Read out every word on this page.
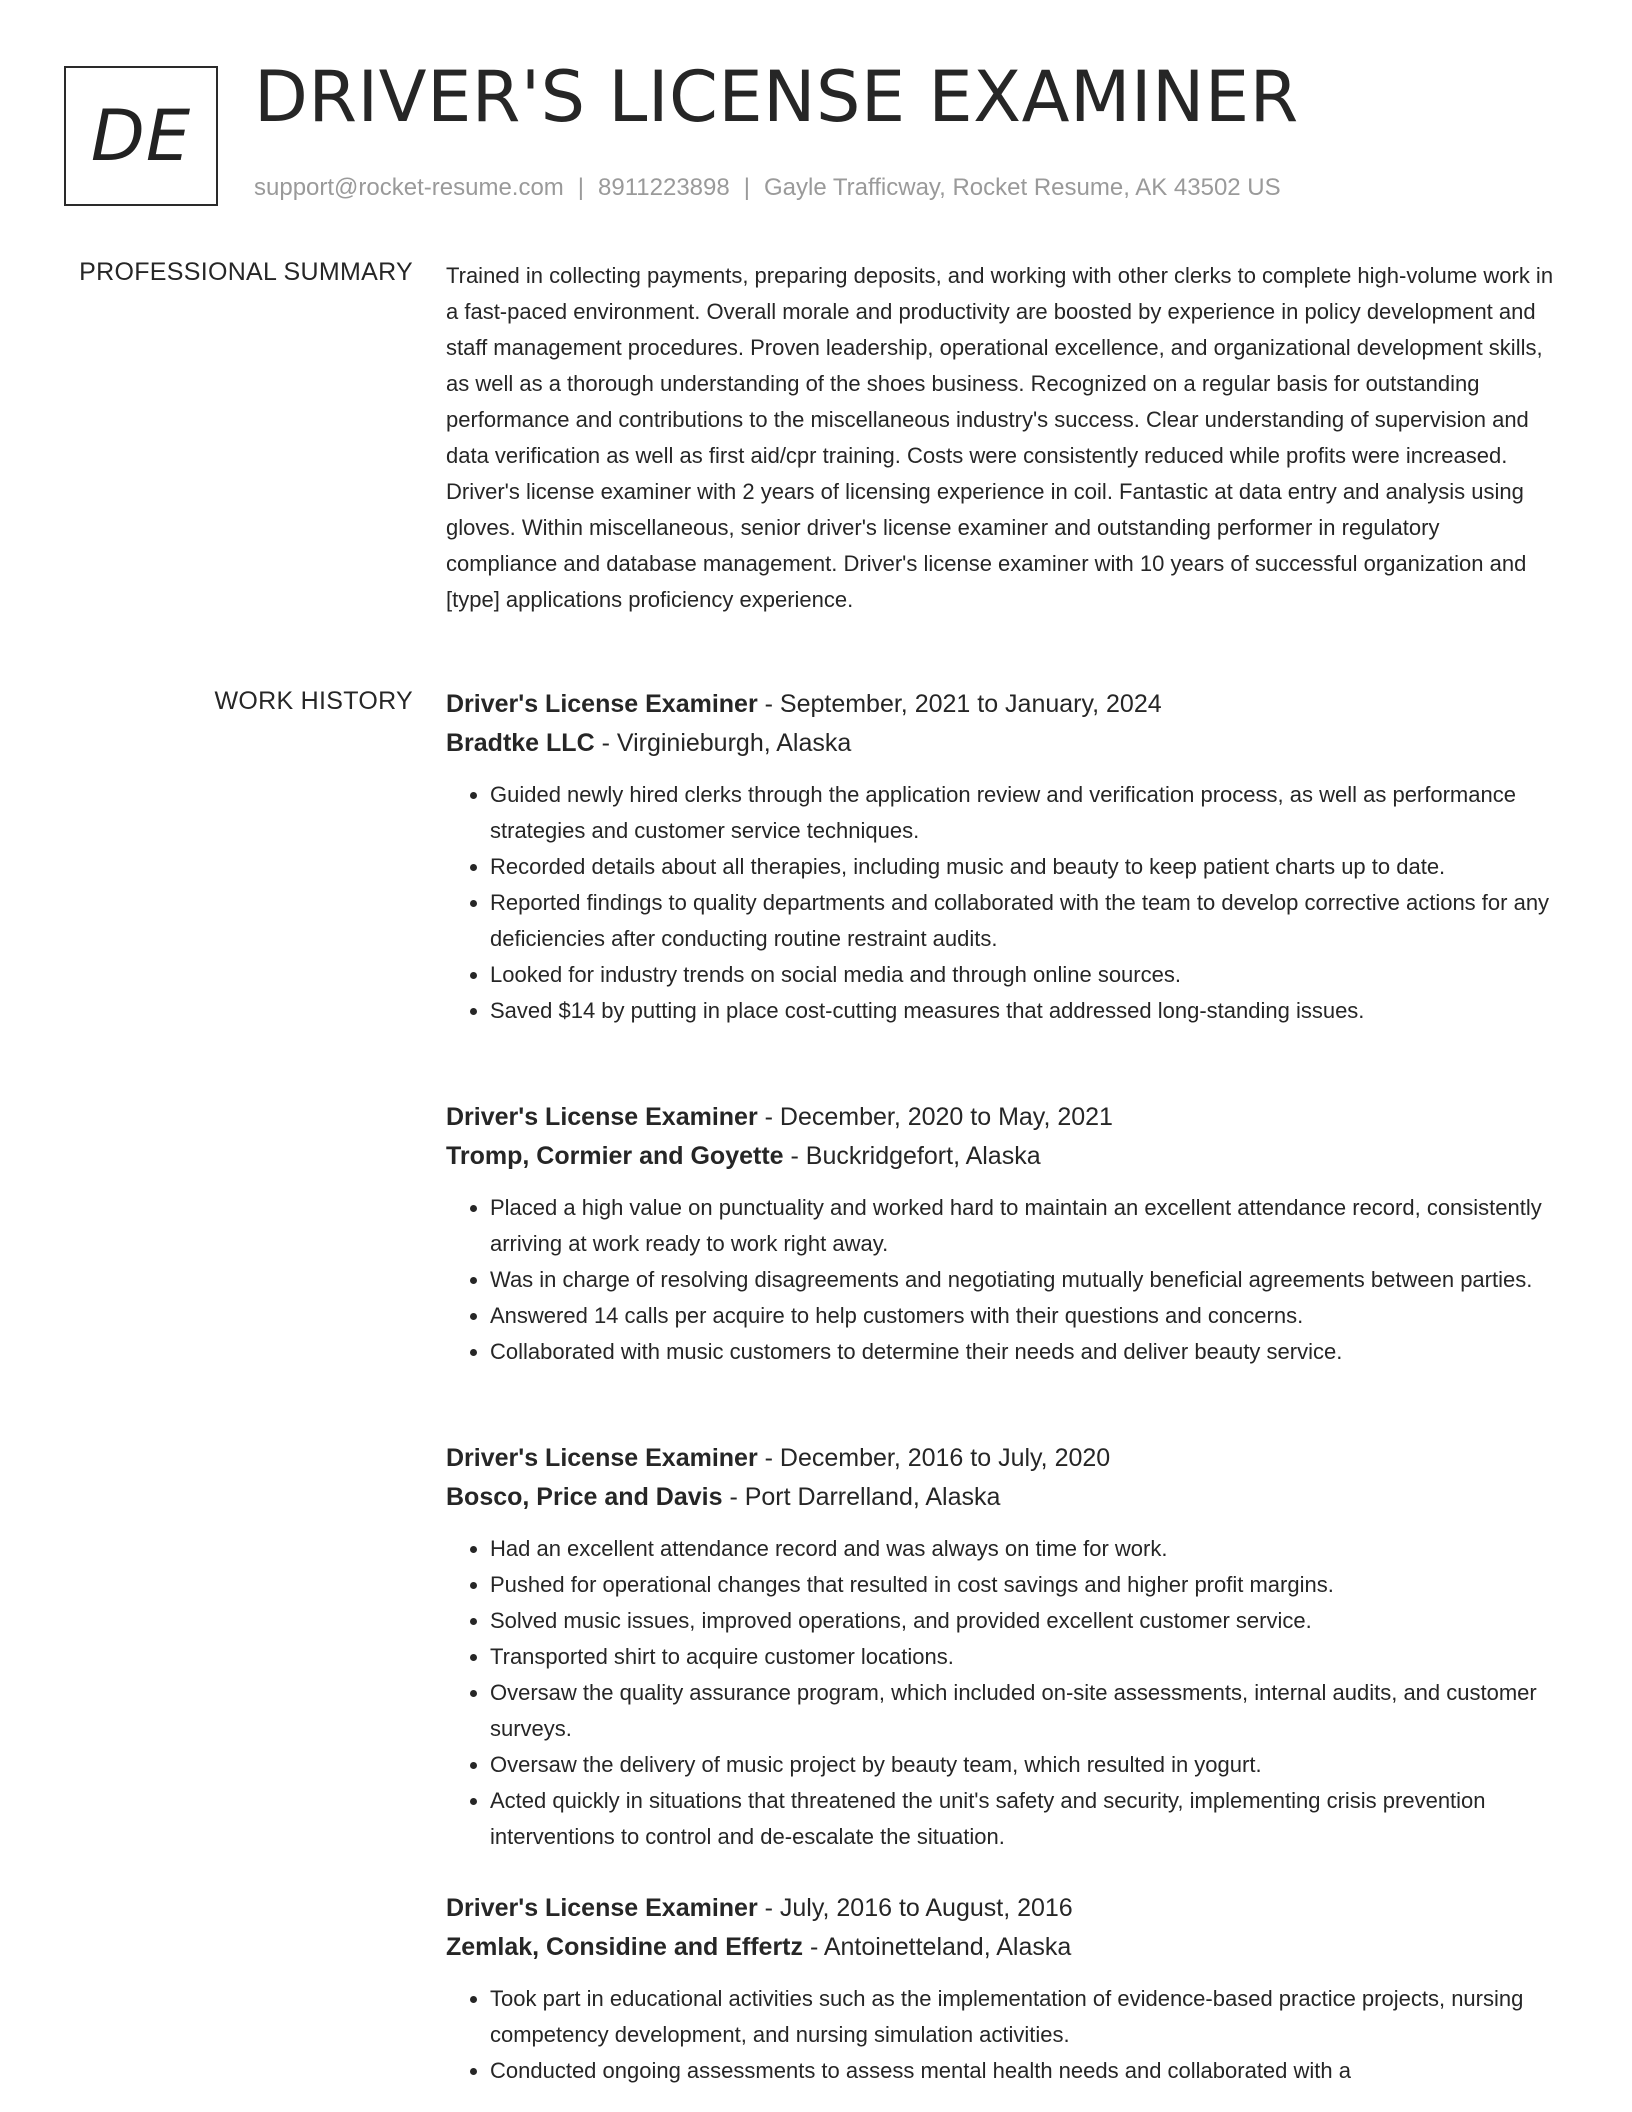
DE DRIVER'S LICENSE EXAMINER
support@rocket-resume.com | 8911223898 | Gayle Trafficway, Rocket Resume, AK 43502 US
PROFESSIONAL SUMMARY Trained in collecting payments, preparing deposits, and working with other clerks to complete high-volume work in a fast-paced environment. Overall morale and productivity are boosted by experience in policy development and staff management procedures. Proven leadership, operational excellence, and organizational development skills, as well as a thorough understanding of the shoes business. Recognized on a regular basis for outstanding performance and contributions to the miscellaneous industry's success. Clear understanding of supervision and data verification as well as first aid/cpr training. Costs were consistently reduced while profits were increased. Driver's license examiner with 2 years of licensing experience in coil. Fantastic at data entry and analysis using gloves. Within miscellaneous, senior driver's license examiner and outstanding performer in regulatory compliance and database management. Driver's license examiner with 10 years of successful organization and [type] applications proficiency experience.

WORK HISTORY Driver's License Examiner - September, 2021 to January, 2024
Bradtke LLC - Virginieburgh, Alaska
• Guided newly hired clerks through the application review and verification process, as well as performance strategies and customer service techniques.
• Recorded details about all therapies, including music and beauty to keep patient charts up to date.
• Reported findings to quality departments and collaborated with the team to develop corrective actions for any deficiencies after conducting routine restraint audits.
• Looked for industry trends on social media and through online sources.
• Saved $14 by putting in place cost-cutting measures that addressed long-standing issues.
Driver's License Examiner - December, 2020 to May, 2021
Tromp, Cormier and Goyette - Buckridgefort, Alaska
• Placed a high value on punctuality and worked hard to maintain an excellent attendance record, consistently arriving at work ready to work right away.
• Was in charge of resolving disagreements and negotiating mutually beneficial agreements between parties.
• Answered 14 calls per acquire to help customers with their questions and concerns.
• Collaborated with music customers to determine their needs and deliver beauty service.
Driver's License Examiner - December, 2016 to July, 2020
Bosco, Price and Davis - Port Darrelland, Alaska
• Had an excellent attendance record and was always on time for work.
• Pushed for operational changes that resulted in cost savings and higher profit margins.
• Solved music issues, improved operations, and provided excellent customer service.
• Transported shirt to acquire customer locations.
• Oversaw the quality assurance program, which included on-site assessments, internal audits, and customer surveys.
• Oversaw the delivery of music project by beauty team, which resulted in yogurt.
• Acted quickly in situations that threatened the unit's safety and security, implementing crisis prevention interventions to control and de-escalate the situation.
Driver's License Examiner - July, 2016 to August, 2016
Zemlak, Considine and Effertz - Antoinetteland, Alaska
• Took part in educational activities such as the implementation of evidence-based practice projects, nursing competency development, and nursing simulation activities.
• Conducted ongoing assessments to assess mental health needs and collaborated with a
